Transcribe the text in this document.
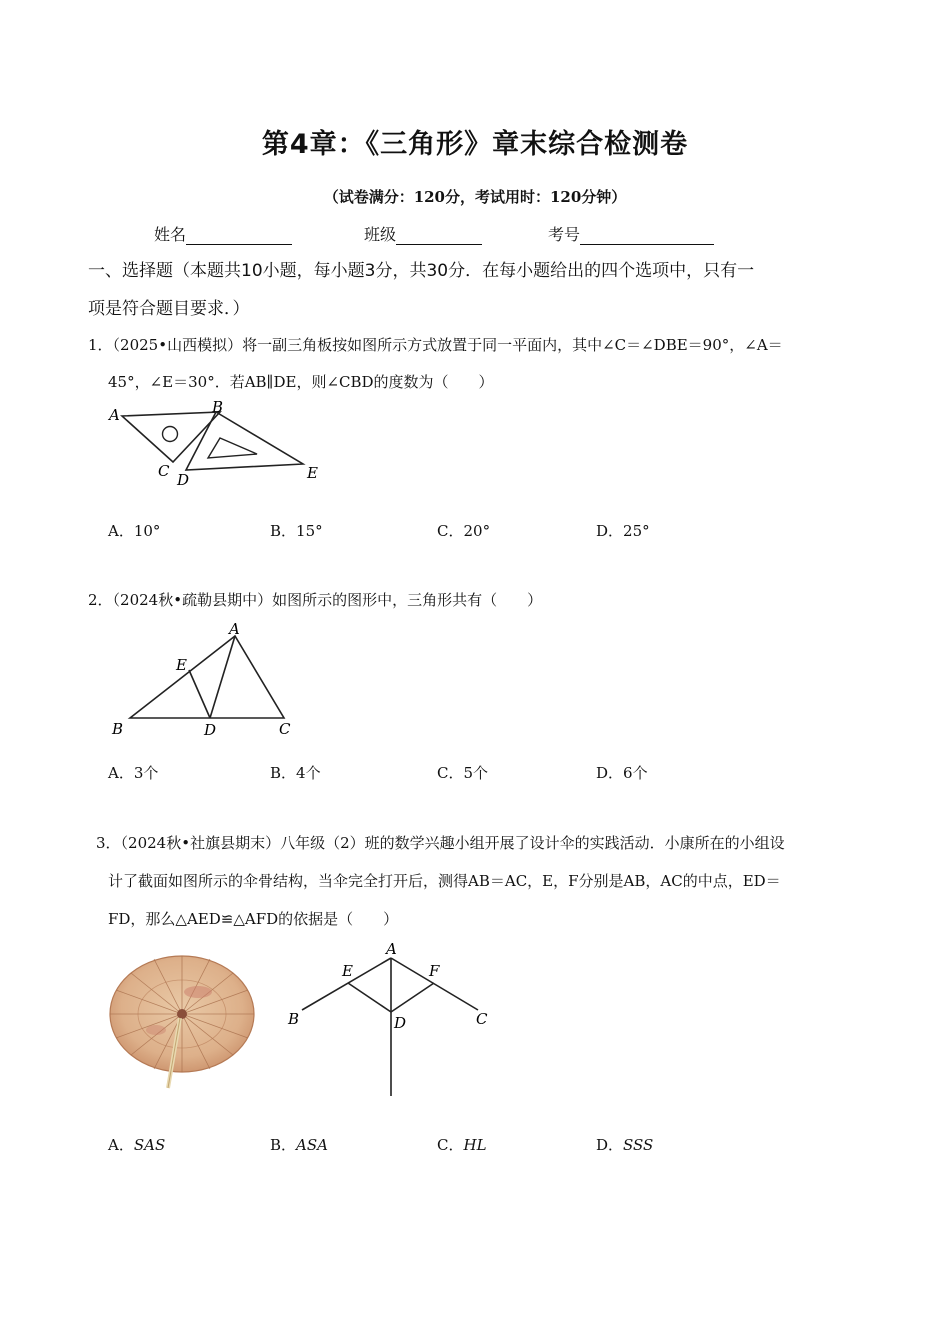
第4章：《三角形》章末综合检测卷
（试卷满分：120分，考试用时：120分钟）
姓名	班级	考号
一、选择题（本题共10小题，每小题3分，共30分．在每小题给出的四个选项中，只有一
项是符合题目要求．）
1．（2025•山西模拟）将一副三角板按如图所示方式放置于同一平面内，其中∠C＝∠DBE＝90°，∠A＝
45°，∠E＝30°．若AB∥DE，则∠CBD的度数为（　　）
A	B
C D	E
A．10°	B．15°	C．20°	D．25°
2．（2024秋•疏勒县期中）如图所示的图形中，三角形共有（　　）
A
E
B	D	C
A．3个	B．4个	C．5个	D．6个
3．（2024秋•社旗县期末）八年级（2）班的数学兴趣小组开展了设计伞的实践活动．小康所在的小组设
计了截面如图所示的伞骨结构，当伞完全打开后，测得AB＝AC，E，F分别是AB，AC的中点，ED＝
FD，那么△AED≌△AFD的依据是（　　）
A
E	F
B	D	C
A．SAS	B．ASA	C．HL	D．SSS
